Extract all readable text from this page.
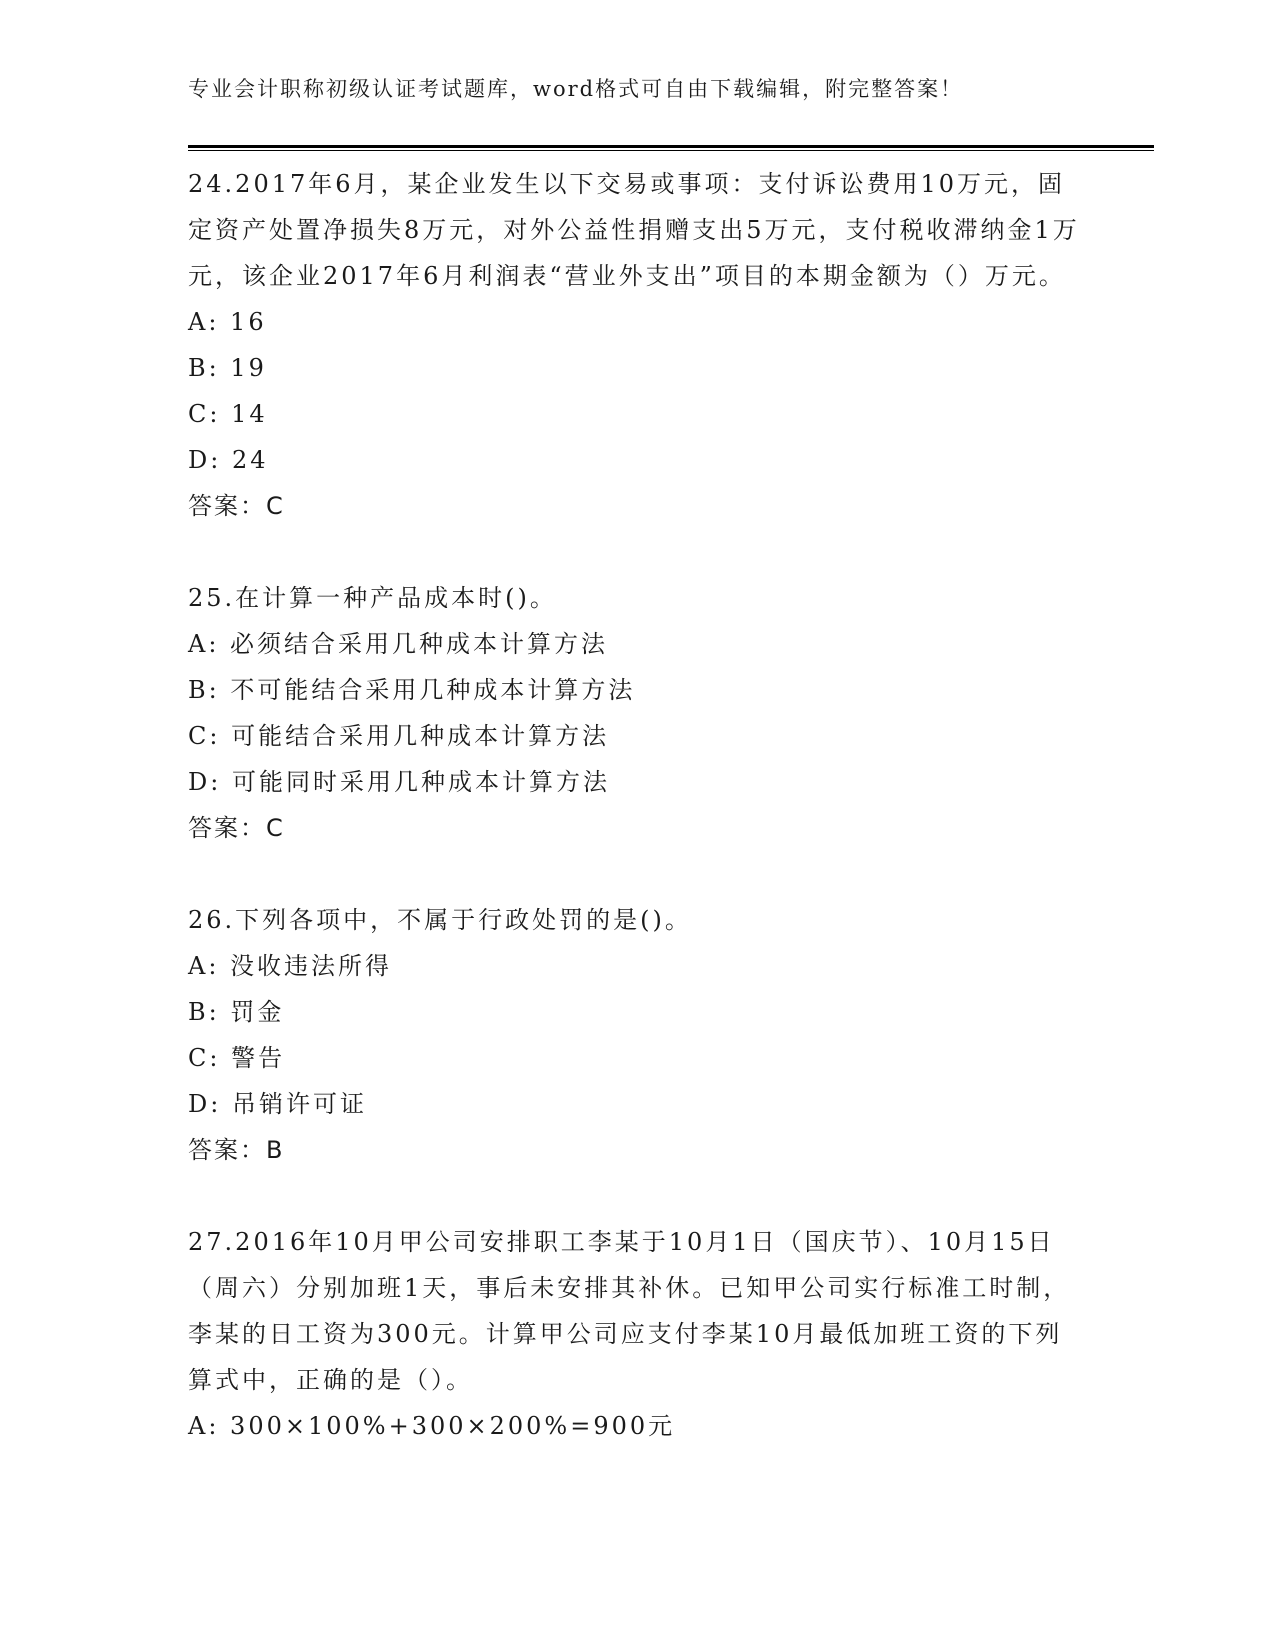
专业会计职称初级认证考试题库，word格式可自由下载编辑，附完整答案！

24.2017年6月，某企业发生以下交易或事项：支付诉讼费用10万元，固定资产处置净损失8万元，对外公益性捐赠支出5万元，支付税收滞纳金1万元，该企业2017年6月利润表“营业外支出”项目的本期金额为（）万元。

A: 16

B: 19

C: 14

D: 24

答案：C

25.在计算一种产品成本时()。

A: 必须结合采用几种成本计算方法

B: 不可能结合采用几种成本计算方法

C: 可能结合采用几种成本计算方法

D: 可能同时采用几种成本计算方法

答案：C

26.下列各项中，不属于行政处罚的是()。

A: 没收违法所得

B: 罚金

C: 警告

D: 吊销许可证

答案：B

27.2016年10月甲公司安排职工李某于10月1日（国庆节）、10月15日（周六）分别加班1天，事后未安排其补休。已知甲公司实行标准工时制，李某的日工资为300元。计算甲公司应支付李某10月最低加班工资的下列算式中，正确的是（）。

A: 300×100%+300×200%=900元
